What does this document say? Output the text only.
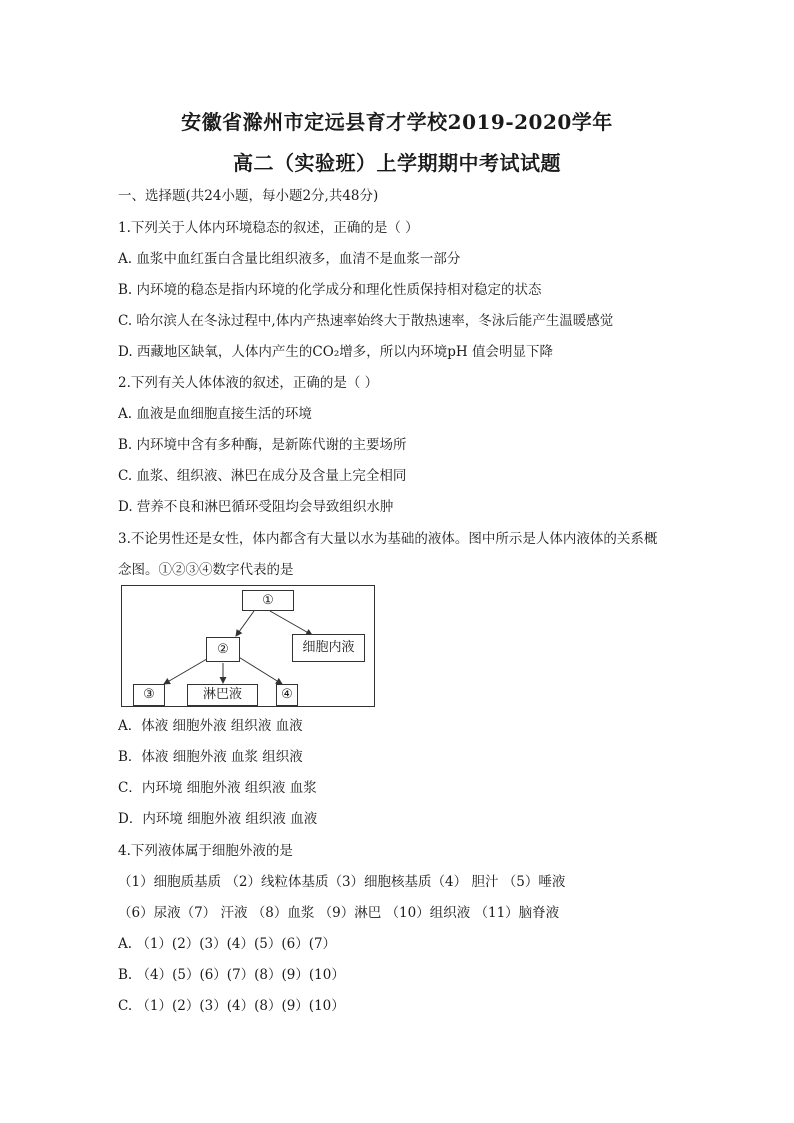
安徽省滁州市定远县育才学校2019-2020学年
高二（实验班）上学期期中考试试题
一、选择题(共24小题，每小题2分,共48分)
1.下列关于人体内环境稳态的叙述，正确的是（ ）
A. 血浆中血红蛋白含量比组织液多，血清不是血浆一部分
B. 内环境的稳态是指内环境的化学成分和理化性质保持相对稳定的状态
C. 哈尔滨人在冬泳过程中,体内产热速率始终大于散热速率，冬泳后能产生温暖感觉
D. 西藏地区缺氧，人体内产生的CO₂增多，所以内环境pH 值会明显下降
2.下列有关人体体液的叙述，正确的是（ ）
A. 血液是血细胞直接生活的环境
B. 内环境中含有多种酶，是新陈代谢的主要场所
C. 血浆、组织液、淋巴在成分及含量上完全相同
D. 营养不良和淋巴循环受阻均会导致组织水肿
3.不论男性还是女性，体内都含有大量以水为基础的液体。图中所示是人体内液体的关系概
念图。①②③④数字代表的是
①
②	细胞内液
③	淋巴液	④
A．体液 细胞外液 组织液 血液
B．体液 细胞外液 血浆 组织液
C．内环境 细胞外液 组织液 血浆
D．内环境 细胞外液 组织液 血液
4.下列液体属于细胞外液的是
（1）细胞质基质 （2）线粒体基质（3）细胞核基质（4） 胆汁 （5）唾液
（6）尿液（7） 汗液 （8）血浆 （9）淋巴 （10）组织液 （11）脑脊液
A. （1）(2）(3）(4）(5）(6）(7）
B. （4）(5）(6）(7）(8）(9）(10）
C. （1）(2）(3）(4）(8）(9）(10）
